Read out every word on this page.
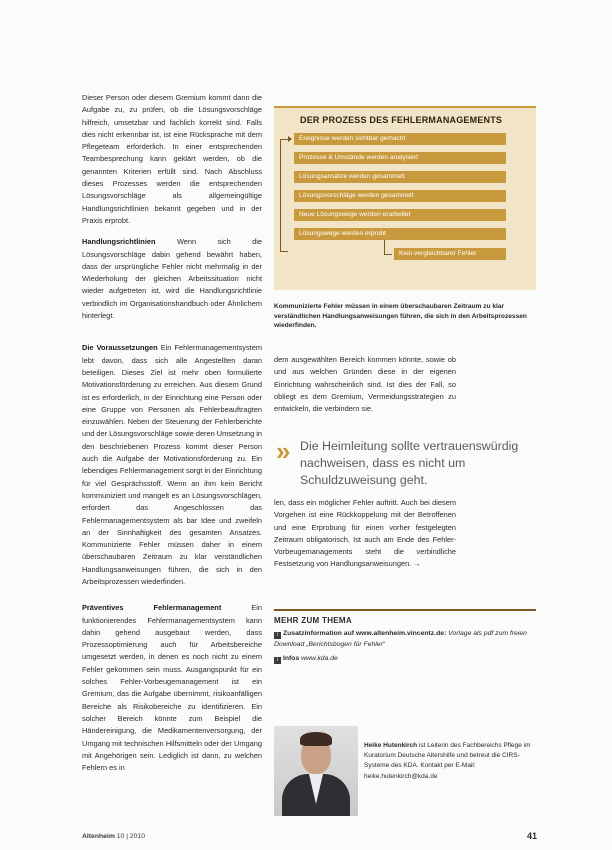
Dieser Person oder diesem Gremium kommt dann die Aufgabe zu, zu prüfen, ob die Lösungsvorschläge hilfreich, umsetzbar und fachlich korrekt sind. Falls dies nicht erkennbar ist, ist eine Rücksprache mit dem Pflegeteam erforderlich. In einer entsprechenden Teambesprechung kann geklärt werden, ob die genannten Kriterien erfüllt sind. Nach Abschluss dieses Prozesses werden die entsprechenden Lösungsvorschläge als allgemeingültige Handlungsrichtlinien bekannt gegeben und in der Praxis erprobt.

Handlungsrichtlinien Wenn sich die Lösungsvorschläge dabin gehend bewährt haben, dass der ursprüngliche Fehler nicht mehrmalig in der Wiederholung der gleichen Arbeitssituation nicht wieder aufgetreten ist, wird die Handlungsrichtlinie verbindlich im Organisationshandbuch oder Ähnlichem hinterlegt.

Die Voraussetzungen Ein Fehlermanagementsystem lebt davon, dass sich alle Angestellten daran beteiligen. Dieses Ziel ist mehr oben formulierte Motivationsförderung zu erreichen. Aus diesem Grund ist es erforderlich, in der Einrichtung eine Person oder eine Gruppe von Personen als Fehlerbeauftragten einzuwählen. Neben der Steuerung der Fehlerberichte und der Lösungsvorschläge sowie deren Umsetzung in den beschriebenen Prozess kommt dieser Person auch die Aufgabe der Motivationsförderung zu. Ein lebendiges Fehlermanagement sorgt in der Einrichtung für viel Gesprächsstoff. Wenn an ihm kein Bericht kommuniziert und mangelt es an Lösungsvorschlägen, erfordert das Angeschlossen das Fehlermanagementsystem als bar Idee und zweifeln an der Sinnhaftigkeit des gesamten Ansatzes. Kommunizierte Fehler müssen daher in einem überschaubaren Zeitraum zu klar verständlichen Handlungsanweisungen führen, die sich in den Arbeitsprozessen wiederfinden.

Präventives Fehlermanagement Ein funktionierendes Fehlermanagementsystem kann dahin gehend ausgebaut werden, dass Prozessoptimierung auch für Arbeitsbereiche umgesetzt werden, in denen es noch nicht zu einem Fehler gekommen sein muss. Ausgangspunkt für ein solches Fehler-Vorbeugemanagement ist ein Gremium, das die Aufgabe übernimmt, risikoanfälligen Bereiche als Risikobereiche zu identifizieren. Ein solcher Bereich könnte zum Beispiel die Händereinigung, die Medikamentenversorgung, der Umgang mit technischen Hilfsmitteln oder der Umgang mit Angehörigen sein. Lediglich ist dann, zu welchen Fehlern es in

DER PROZESS DES FEHLERMANAGEMENTS
Ereignisse werden sichtbar gemacht
Prozesse & Umstände werden analysiert
Lösungsansätze werden gesammelt
Lösungsvorschläge werden gesammelt
Neue Lösungswege werden erarbeitet
Lösungswege werden erprobt
Kein vergleichbarer Fehler
Kommunizierte Fehler müssen in einem überschaubaren Zeitraum zu klar verständlichen Handlungsanweisungen führen, die sich in den Arbeitsprozessen wiederfinden.

dem ausgewählten Bereich kommen könnte, sowie ob und aus welchen Gründen diese in der eigenen Einrichtung wahrscheinlich sind. Ist dies der Fall, so obliegt es dem Gremium, Vermeidungsstrategien zu entwickeln, die verbindern sie.

» Die Heimleitung sollte vertrauenswürdig nachweisen, dass es nicht um Schuldzuweisung geht.

len, dass ein möglicher Fehler auftritt. Auch bei diesem Vorgehen ist eine Rückkoppelung mit der Betroffenen und eine Erprobung für einen vorher festgelegten Zeitraum obligatorisch, Ist auch am Ende des Fehler-Vorbeugemanagements steht die verbindliche Festsetzung von Handlungsanweisungen. →

MEHR ZUM THEMA
i Zusatzinformation auf www.altenheim.vincentz.de: Vorlage als pdf zum freien Download „Berichtsbogen für Fehler“
i Infos www.kda.de
Heike Hutenkirch ist Leiterin des Fachbereichs Pflege im Kuratorium Deutsche Altershilfe und betreut die CIRS-Systeme des KDA. Kontakt per E-Mail: heike.hutenkirch@kda.de
Altenheim 10 | 2010	41
